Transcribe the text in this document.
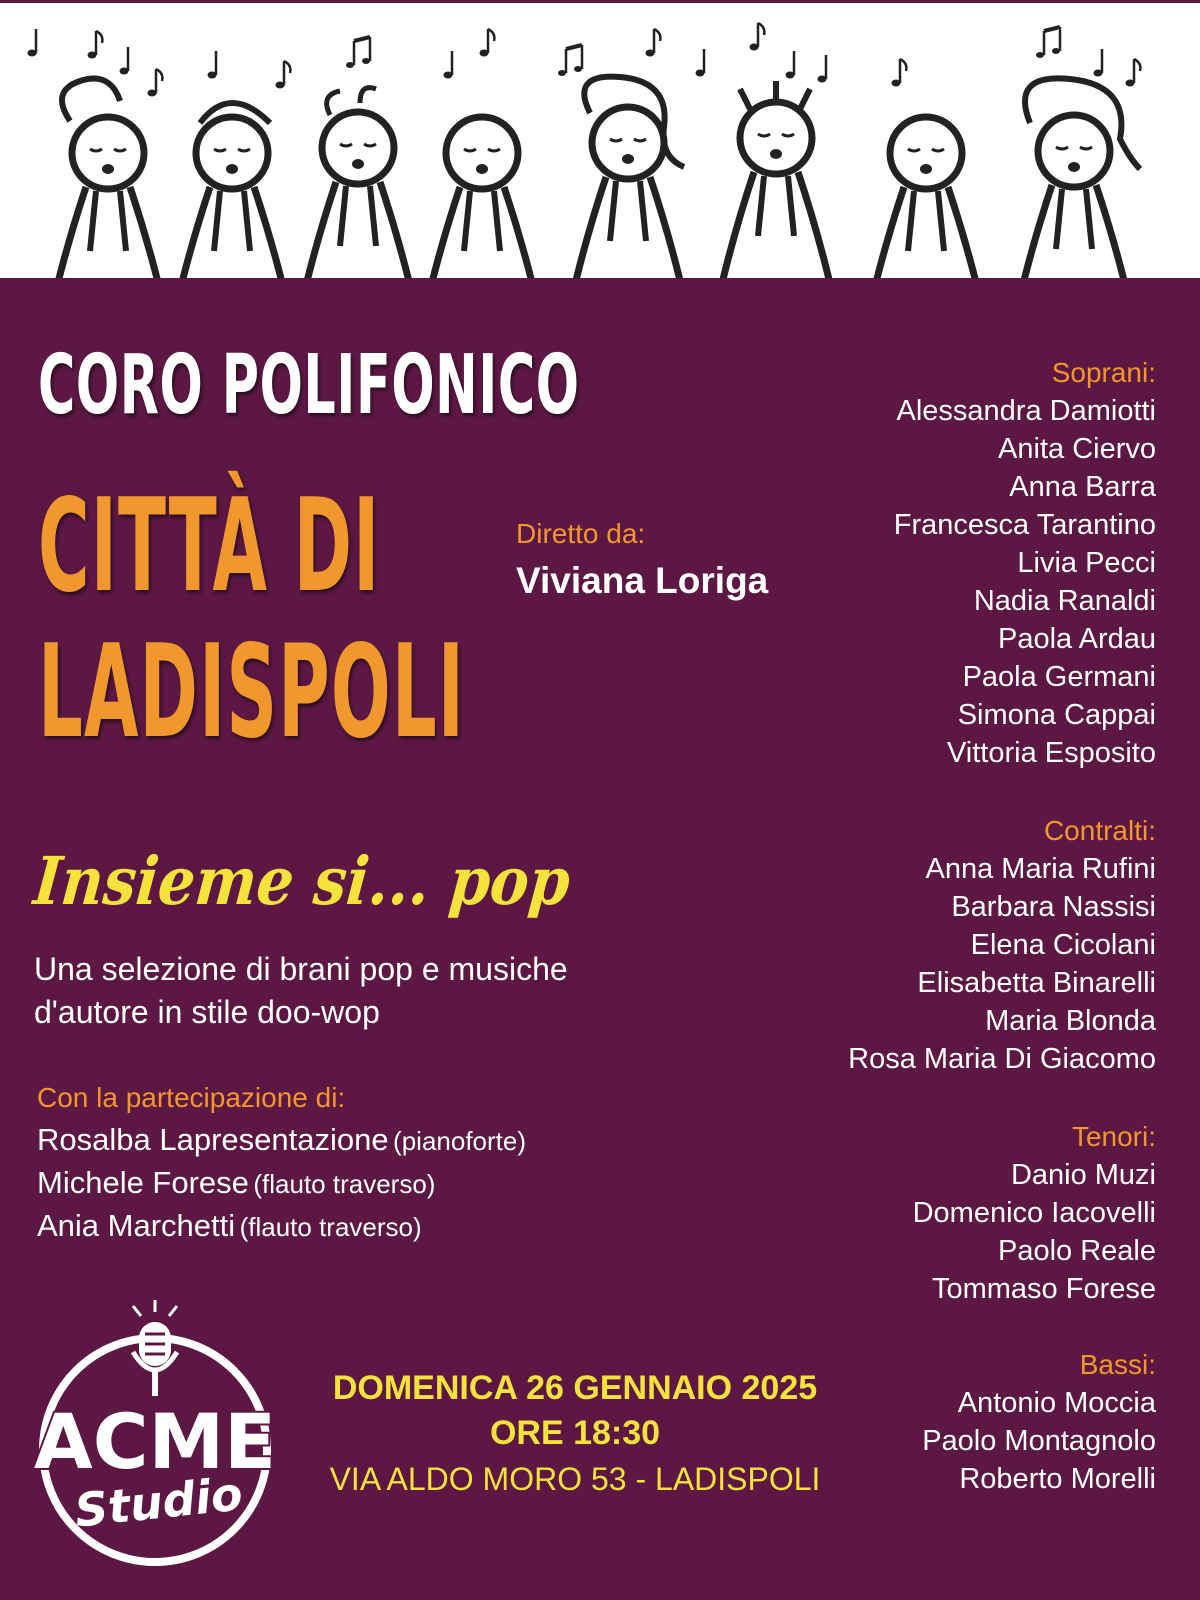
CORO POLIFONICO
CITTÀ DI
LADISPOLI
Diretto da:
Viviana Loriga
Insieme si... pop
Una selezione di brani pop e musiche
d'autore in stile doo-wop
Con la partecipazione di:
Rosalba Lapresentazione (pianoforte)
Michele Forese (flauto traverso)
Ania Marchetti (flauto traverso)
ACME
Studio
DOMENICA 26 GENNAIO 2025
ORE 18:30
VIA ALDO MORO 53 - LADISPOLI
Soprani:
Alessandra Damiotti
Anita Ciervo
Anna Barra
Francesca Tarantino
Livia Pecci
Nadia Ranaldi
Paola Ardau
Paola Germani
Simona Cappai
Vittoria Esposito
Contralti:
Anna Maria Rufini
Barbara Nassisi
Elena Cicolani
Elisabetta Binarelli
Maria Blonda
Rosa Maria Di Giacomo
Tenori:
Danio Muzi
Domenico Iacovelli
Paolo Reale
Tommaso Forese
Bassi:
Antonio Moccia
Paolo Montagnolo
Roberto Morelli
